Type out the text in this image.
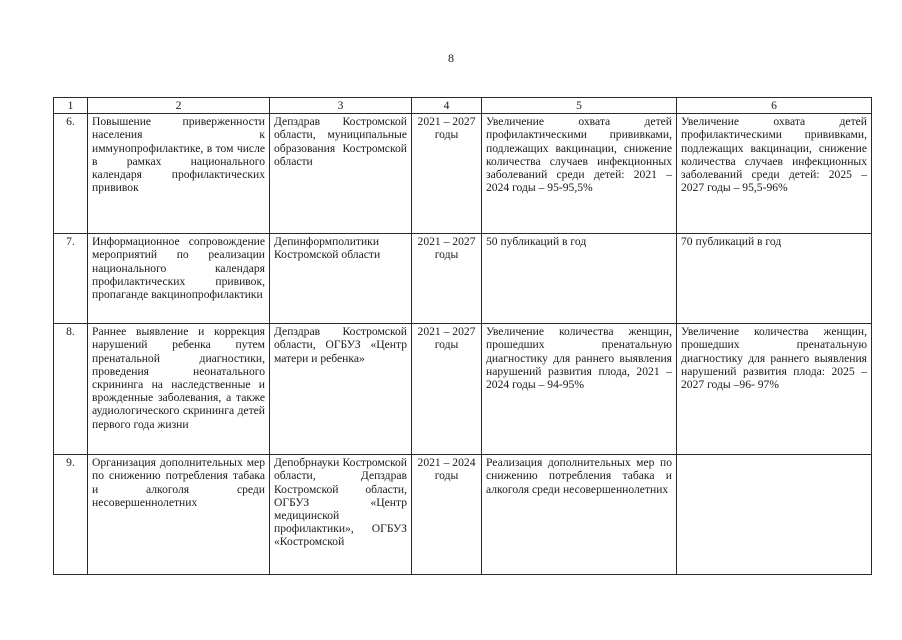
8
1	2	3	4	5	6
6.	Повышение приверженности населения к иммунопрофилактике, в том числе в рамках национального календаря профилактических прививок	Депздрав Костромской области, муниципальные образования Костромской области	2021 – 2027 годы	Увеличение охвата детей профилактическими прививками, подлежащих вакцинации, снижение количества случаев инфекционных заболеваний среди детей: 2021 – 2024 годы – 95-95,5%	Увеличение охвата детей профилактическими прививками, подлежащих вакцинации, снижение количества случаев инфекционных заболеваний среди детей: 2025 – 2027 годы – 95,5-96%
7.	Информационное сопровождение мероприятий по реализации национального календаря профилактических прививок, пропаганде вакцинопрофилактики	Депинформполитики Костромской области	2021 – 2027 годы	50 публикаций в год	70 публикаций в год
8.	Раннее выявление и коррекция нарушений ребенка путем пренатальной диагностики, проведения неонатального скрининга на наследственные и врожденные заболевания, а также аудиологического скрининга детей первого года жизни	Депздрав Костромской области, ОГБУЗ «Центр матери и ребенка»	2021 – 2027 годы	Увеличение количества женщин, прошедших пренатальную диагностику для раннего выявления нарушений развития плода, 2021 – 2024 годы – 94-95%	Увеличение количества женщин, прошедших пренатальную диагностику для раннего выявления нарушений развития плода: 2025 – 2027 годы –96- 97%
9.	Организация дополнительных мер по снижению потребления табака и алкоголя среди несовершеннолетних	Депобрнауки Костромской области, Депздрав Костромской области, ОГБУЗ «Центр медицинской профилактики», ОГБУЗ «Костромской	2021 – 2024 годы	Реализация дополнительных мер по снижению потребления табака и алкоголя среди несовершеннолетних	
